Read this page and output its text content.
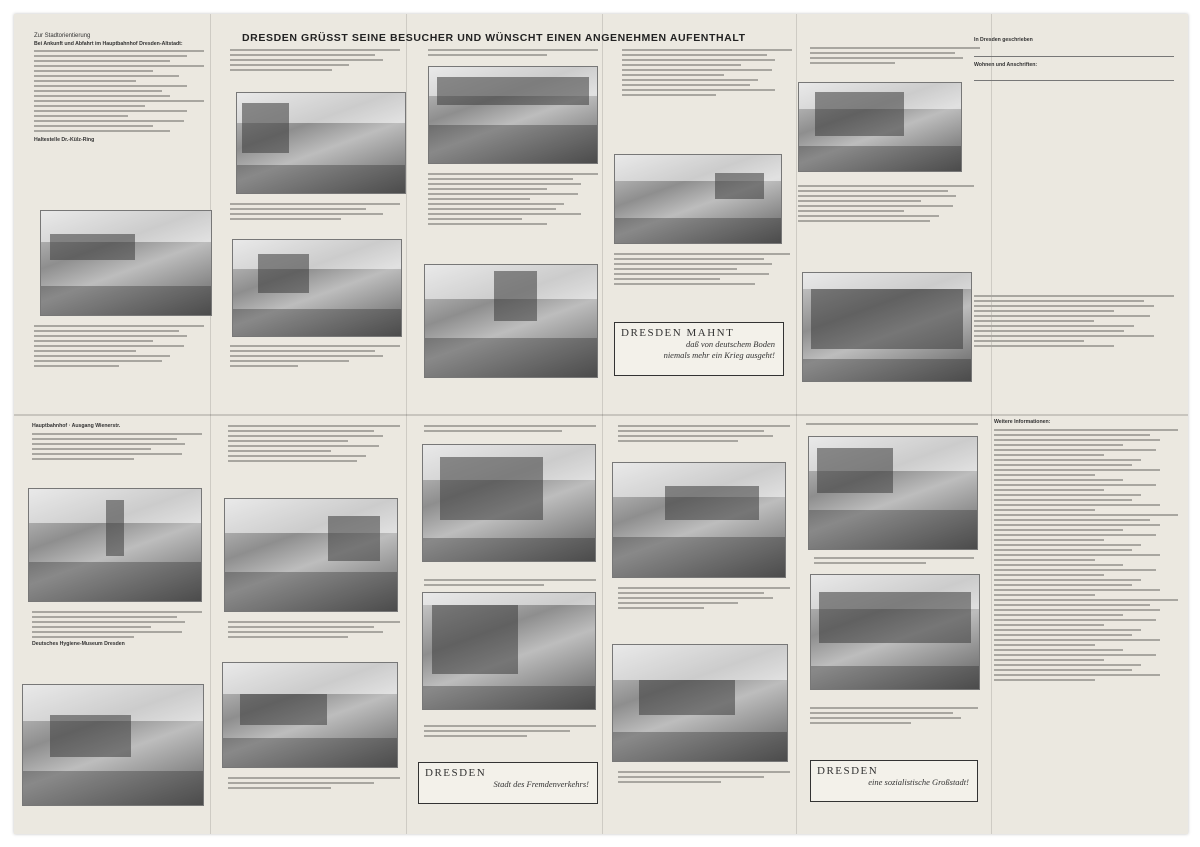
DRESDEN GRÜSST SEINE BESUCHER UND WÜNSCHT EINEN ANGENEHMEN AUFENTHALT
Zur Stadtorientierung
Bei Ankunft und Abfahrt im Hauptbahnhof Dresden-Altstadt:
Haltestelle Dr.-Külz-Ring
DRESDEN MAHNT
daß von deutschem Boden
niemals mehr ein Krieg ausgeht!
In Dresden geschrieben
Wohnen und Anschriften:
Hauptbahnhof · Ausgang Wienerstr.
Deutsches Hygiene-Museum Dresden
DRESDEN
Stadt des Fremdenverkehrs!
DRESDEN
eine sozialistische Großstadt!
Weitere Informationen:
